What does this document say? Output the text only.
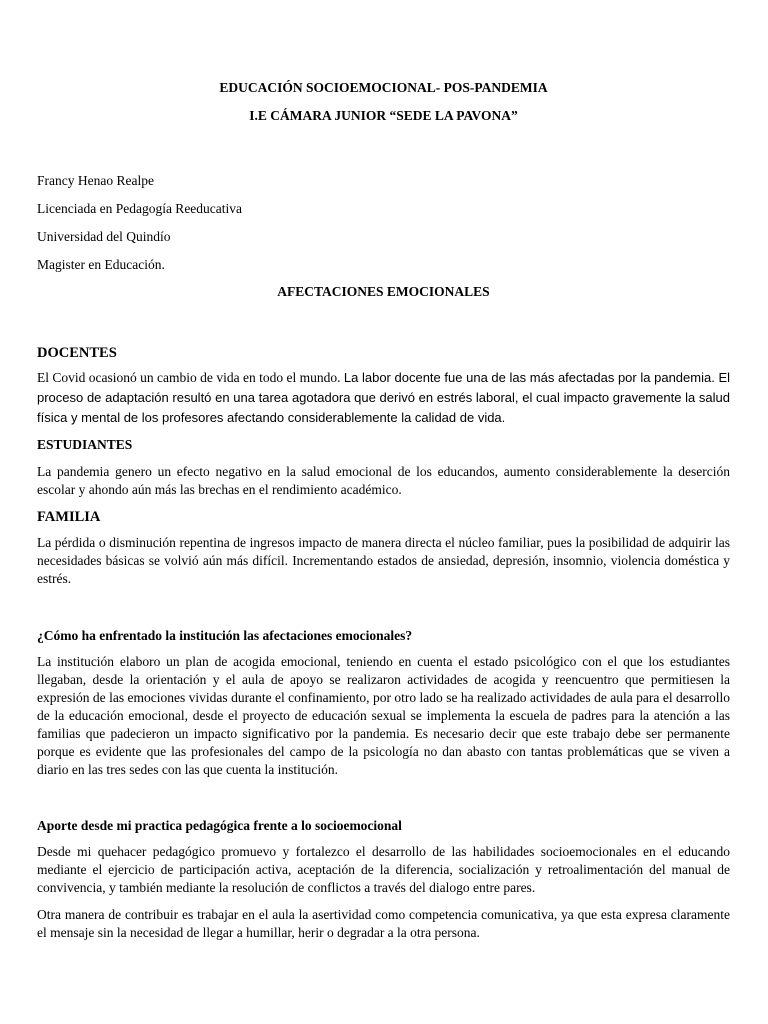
EDUCACIÓN SOCIOEMOCIONAL- POS-PANDEMIA

I.E CÁMARA JUNIOR “SEDE LA PAVONA”

Francy Henao Realpe

Licenciada en Pedagogía Reeducativa

Universidad del Quindío

Magister en Educación.

AFECTACIONES EMOCIONALES

DOCENTES

El Covid ocasionó un cambio de vida en todo el mundo. La labor docente fue una de las más afectadas por la pandemia. El proceso de adaptación resultó en una tarea agotadora que derivó en estrés laboral, el cual impacto gravemente la salud física y mental de los profesores afectando considerablemente la calidad de vida.

ESTUDIANTES

La pandemia genero un efecto negativo en la salud emocional de los educandos, aumento considerablemente la deserción escolar y ahondo aún más las brechas en el rendimiento académico.

FAMILIA

La pérdida o disminución repentina de ingresos impacto de manera directa el núcleo familiar, pues la posibilidad de adquirir las necesidades básicas se volvió aún más difícil. Incrementando estados de ansiedad, depresión, insomnio, violencia doméstica y estrés.

¿Cómo ha enfrentado la institución las afectaciones emocionales?

La institución elaboro un plan de acogida emocional, teniendo en cuenta el estado psicológico con el que los estudiantes llegaban, desde la orientación y el aula de apoyo se realizaron actividades de acogida y reencuentro que permitiesen la expresión de las emociones vividas durante el confinamiento, por otro lado se ha realizado actividades de aula para el desarrollo de la educación emocional, desde el proyecto de educación sexual se implementa la escuela de padres para la atención a las familias que padecieron un impacto significativo por la pandemia. Es necesario decir que este trabajo debe ser permanente porque es evidente que las profesionales del campo de la psicología no dan abasto con tantas problemáticas que se viven a diario en las tres sedes con las que cuenta la institución.

Aporte desde mi practica pedagógica frente a lo socioemocional

Desde mi quehacer pedagógico promuevo y fortalezco el desarrollo de las habilidades socioemocionales en el educando mediante el ejercicio de participación activa, aceptación de la diferencia, socialización y retroalimentación del manual de convivencia, y también mediante la resolución de conflictos a través del dialogo entre pares.

Otra manera de contribuir es trabajar en el aula la asertividad como competencia comunicativa, ya que esta expresa claramente el mensaje sin la necesidad de llegar a humillar, herir o degradar a la otra persona.
